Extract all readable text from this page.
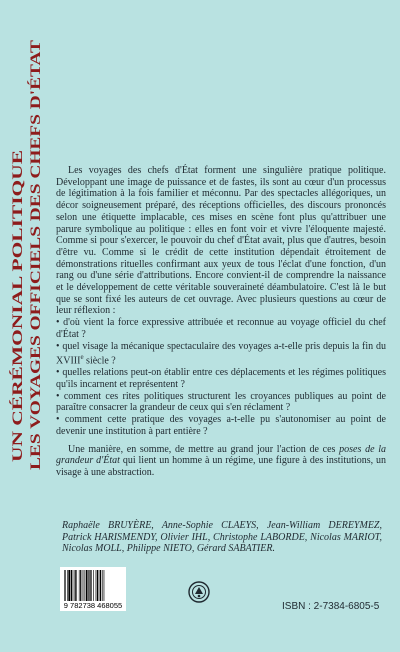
UN CÉRÉMONIAL POLITIQUE LES VOYAGES OFFICIELS DES CHEFS D'ÉTAT	Les voyages des chefs d'État forment une singulière pratique politique. Développant une image de puissance et de fastes, ils sont au cœur d'un processus de légitimation à la fois familier et méconnu. Par des spectacles allégoriques, un décor soigneusement préparé, des réceptions officielles, des discours prononcés selon une étiquette implacable, ces mises en scène font plus qu'attribuer une parure symbolique au politique : elles en font voir et vivre l'éloquente majesté. Comme si pour s'exercer, le pouvoir du chef d'État avait, plus que d'autres, besoin d'être vu. Comme si le crédit de cette institution dépendait étroitement de démonstrations rituelles confirmant aux yeux de tous l'éclat d'une fonction, d'un rang ou d'une série d'attributions. Encore convient-il de comprendre la naissance et le développement de cette véritable souveraineté déambulatoire. C'est là le but que se sont fixé les auteurs de cet ouvrage. Avec plusieurs questions au cœur de leur réflexion :

• d'où vient la force expressive attribuée et reconnue au voyage officiel du chef d'État ?
• quel visage la mécanique spectaculaire des voyages a-t-elle pris depuis la fin du XVIIIe siècle ?
• quelles relations peut-on établir entre ces déplacements et les régimes politiques qu'ils incarnent et représentent ?
• comment ces rites politiques structurent les croyances publiques au point de paraître consacrer la grandeur de ceux qui s'en réclament ?
• comment cette pratique des voyages a-t-elle pu s'autonomiser au point de devenir une institution à part entière ?

Une manière, en somme, de mettre au grand jour l'action de ces poses de la grandeur d'État qui lient un homme à un régime, une figure à des institutions, un visage à une abstraction.

Raphaële BRUYÈRE, Anne-Sophie CLAEYS, Jean-William DEREYMEZ, Patrick HARISMENDY, Olivier IHL, Christophe LABORDE, Nicolas MARIOT, Nicolas MOLL, Philippe NIETO, Gérard SABATIER.
9 782738 468055	ISBN : 2-7384-6805-5
